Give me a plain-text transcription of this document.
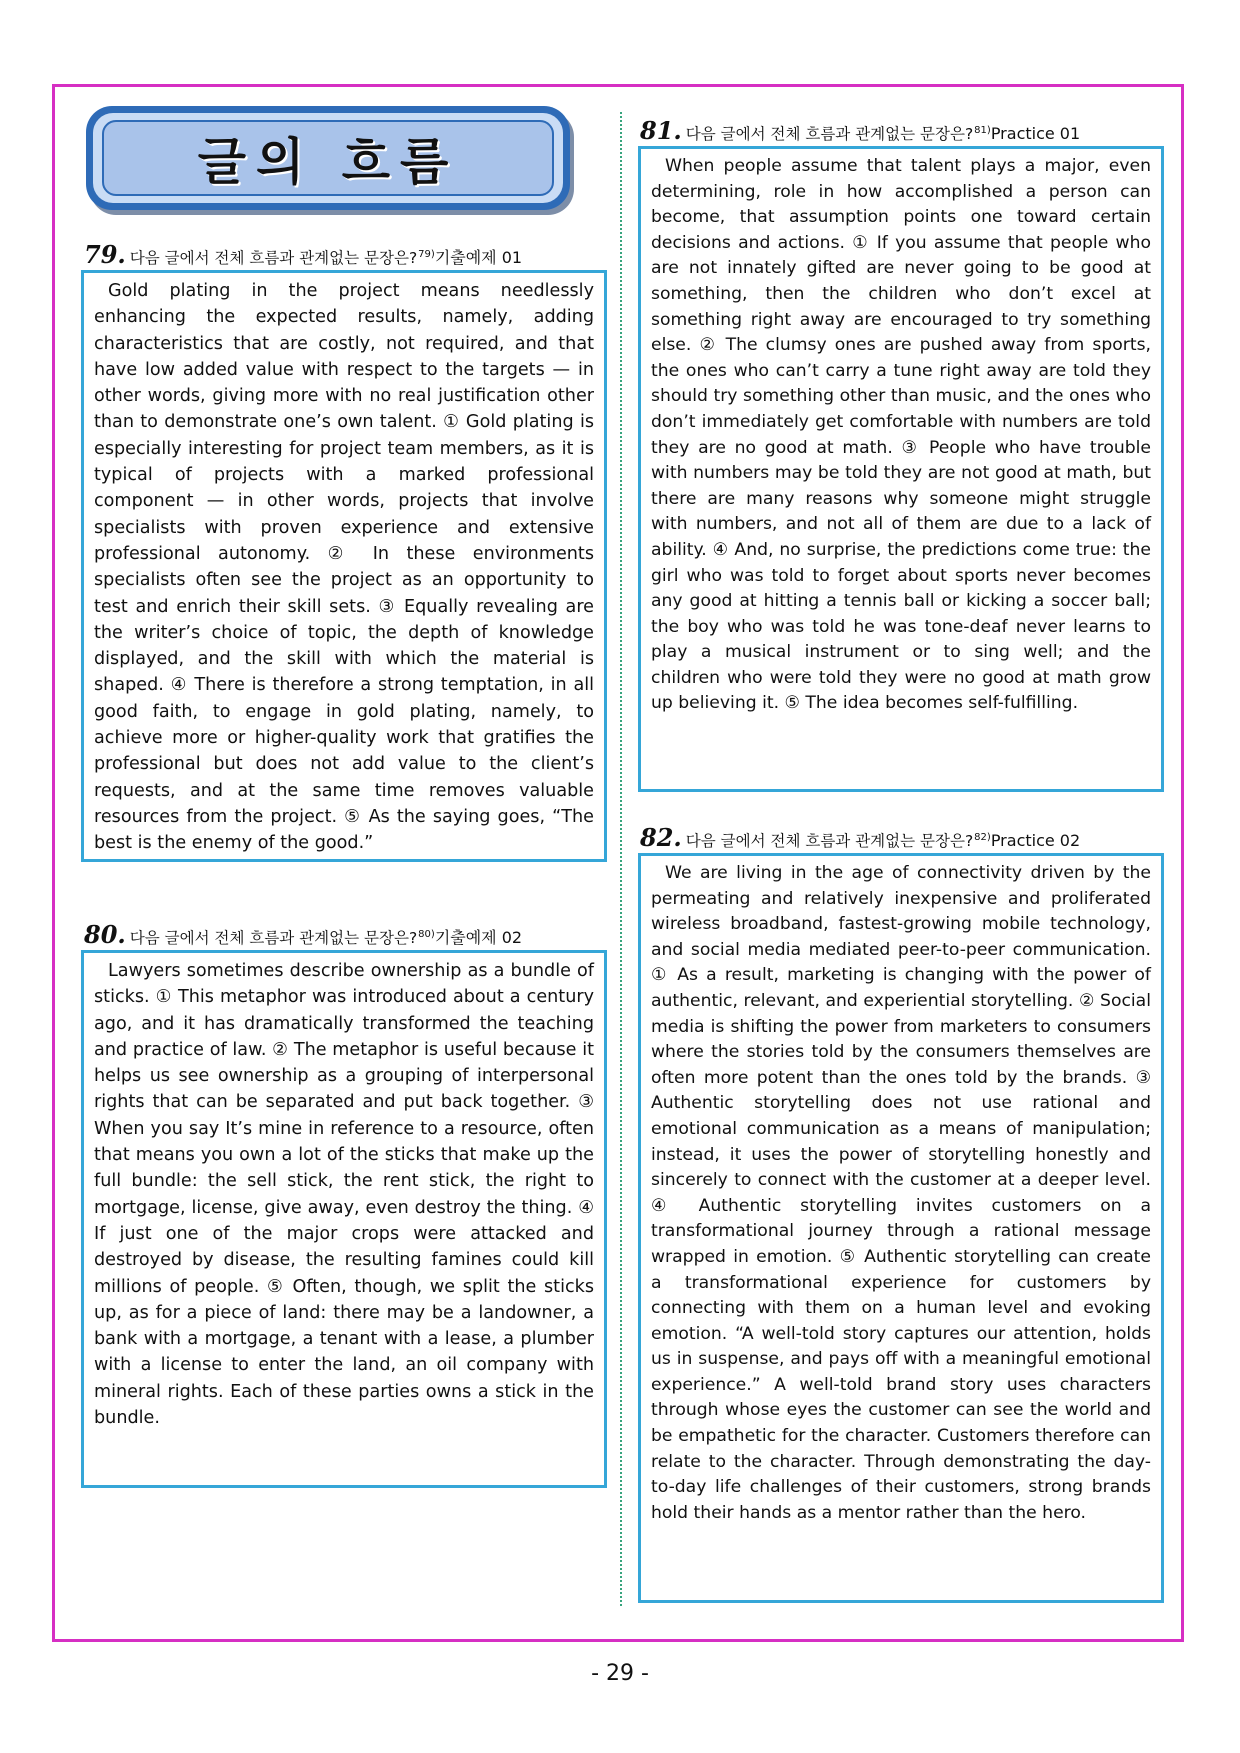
글의 흐름
79. 다음 글에서 전체 흐름과 관계없는 문장은?$^{79)}$기출예제 01

Gold plating in the project means needlessly enhancing the expected results, namely, adding characteristics that are costly, not required, and that have low added value with respect to the targets — in other words, giving more with no real justification other than to demonstrate one’s own talent. ① Gold plating is especially interesting for project team members, as it is typical of projects with a marked professional component — in other words, projects that involve specialists with proven experience and extensive professional autonomy. ② In these environments specialists often see the project as an opportunity to test and enrich their skill sets. ③ Equally revealing are the writer’s choice of topic, the depth of knowledge displayed, and the skill with which the material is shaped. ④ There is therefore a strong temptation, in all good faith, to engage in gold plating, namely, to achieve more or higher-quality work that gratifies the professional but does not add value to the client’s requests, and at the same time removes valuable resources from the project. ⑤ As the saying goes, “The best is the enemy of the good.”

80. 다음 글에서 전체 흐름과 관계없는 문장은?$^{80)}$기출예제 02

Lawyers sometimes describe ownership as a bundle of sticks. ① This metaphor was introduced about a century ago, and it has dramatically transformed the teaching and practice of law. ② The metaphor is useful because it helps us see ownership as a grouping of interpersonal rights that can be separated and put back together. ③ When you say It’s mine in reference to a resource, often that means you own a lot of the sticks that make up the full bundle: the sell stick, the rent stick, the right to mortgage, license, give away, even destroy the thing. ④ If just one of the major crops were attacked and destroyed by disease, the resulting famines could kill millions of people. ⑤ Often, though, we split the sticks up, as for a piece of land: there may be a landowner, a bank with a mortgage, a tenant with a lease, a plumber with a license to enter the land, an oil company with mineral rights. Each of these parties owns a stick in the bundle.

81. 다음 글에서 전체 흐름과 관계없는 문장은?$^{81)}$Practice 01

When people assume that talent plays a major, even determining, role in how accomplished a person can become, that assumption points one toward certain decisions and actions. ① If you assume that people who are not innately gifted are never going to be good at something, then the children who don’t excel at something right away are encouraged to try something else. ② The clumsy ones are pushed away from sports, the ones who can’t carry a tune right away are told they should try something other than music, and the ones who don’t immediately get comfortable with numbers are told they are no good at math. ③ People who have trouble with numbers may be told they are not good at math, but there are many reasons why someone might struggle with numbers, and not all of them are due to a lack of ability. ④ And, no surprise, the predictions come true: the girl who was told to forget about sports never becomes any good at hitting a tennis ball or kicking a soccer ball; the boy who was told he was tone-deaf never learns to play a musical instrument or to sing well; and the children who were told they were no good at math grow up believing it. ⑤ The idea becomes self-fulfilling.

82. 다음 글에서 전체 흐름과 관계없는 문장은?$^{82)}$Practice 02

We are living in the age of connectivity driven by the permeating and relatively inexpensive and proliferated wireless broadband, fastest-growing mobile technology, and social media mediated peer-to-peer communication. ① As a result, marketing is changing with the power of authentic, relevant, and experiential storytelling. ② Social media is shifting the power from marketers to consumers where the stories told by the consumers themselves are often more potent than the ones told by the brands. ③ Authentic storytelling does not use rational and emotional communication as a means of manipulation; instead, it uses the power of storytelling honestly and sincerely to connect with the customer at a deeper level. ④ Authentic storytelling invites customers on a transformational journey through a rational message wrapped in emotion. ⑤ Authentic storytelling can create a transformational experience for customers by connecting with them on a human level and evoking emotion. “A well-told story captures our attention, holds us in suspense, and pays off with a meaningful emotional experience.” A well-told brand story uses characters through whose eyes the customer can see the world and be empathetic for the character. Customers therefore can relate to the character. Through demonstrating the day-to-day life challenges of their customers, strong brands hold their hands as a mentor rather than the hero.

- 29 -
